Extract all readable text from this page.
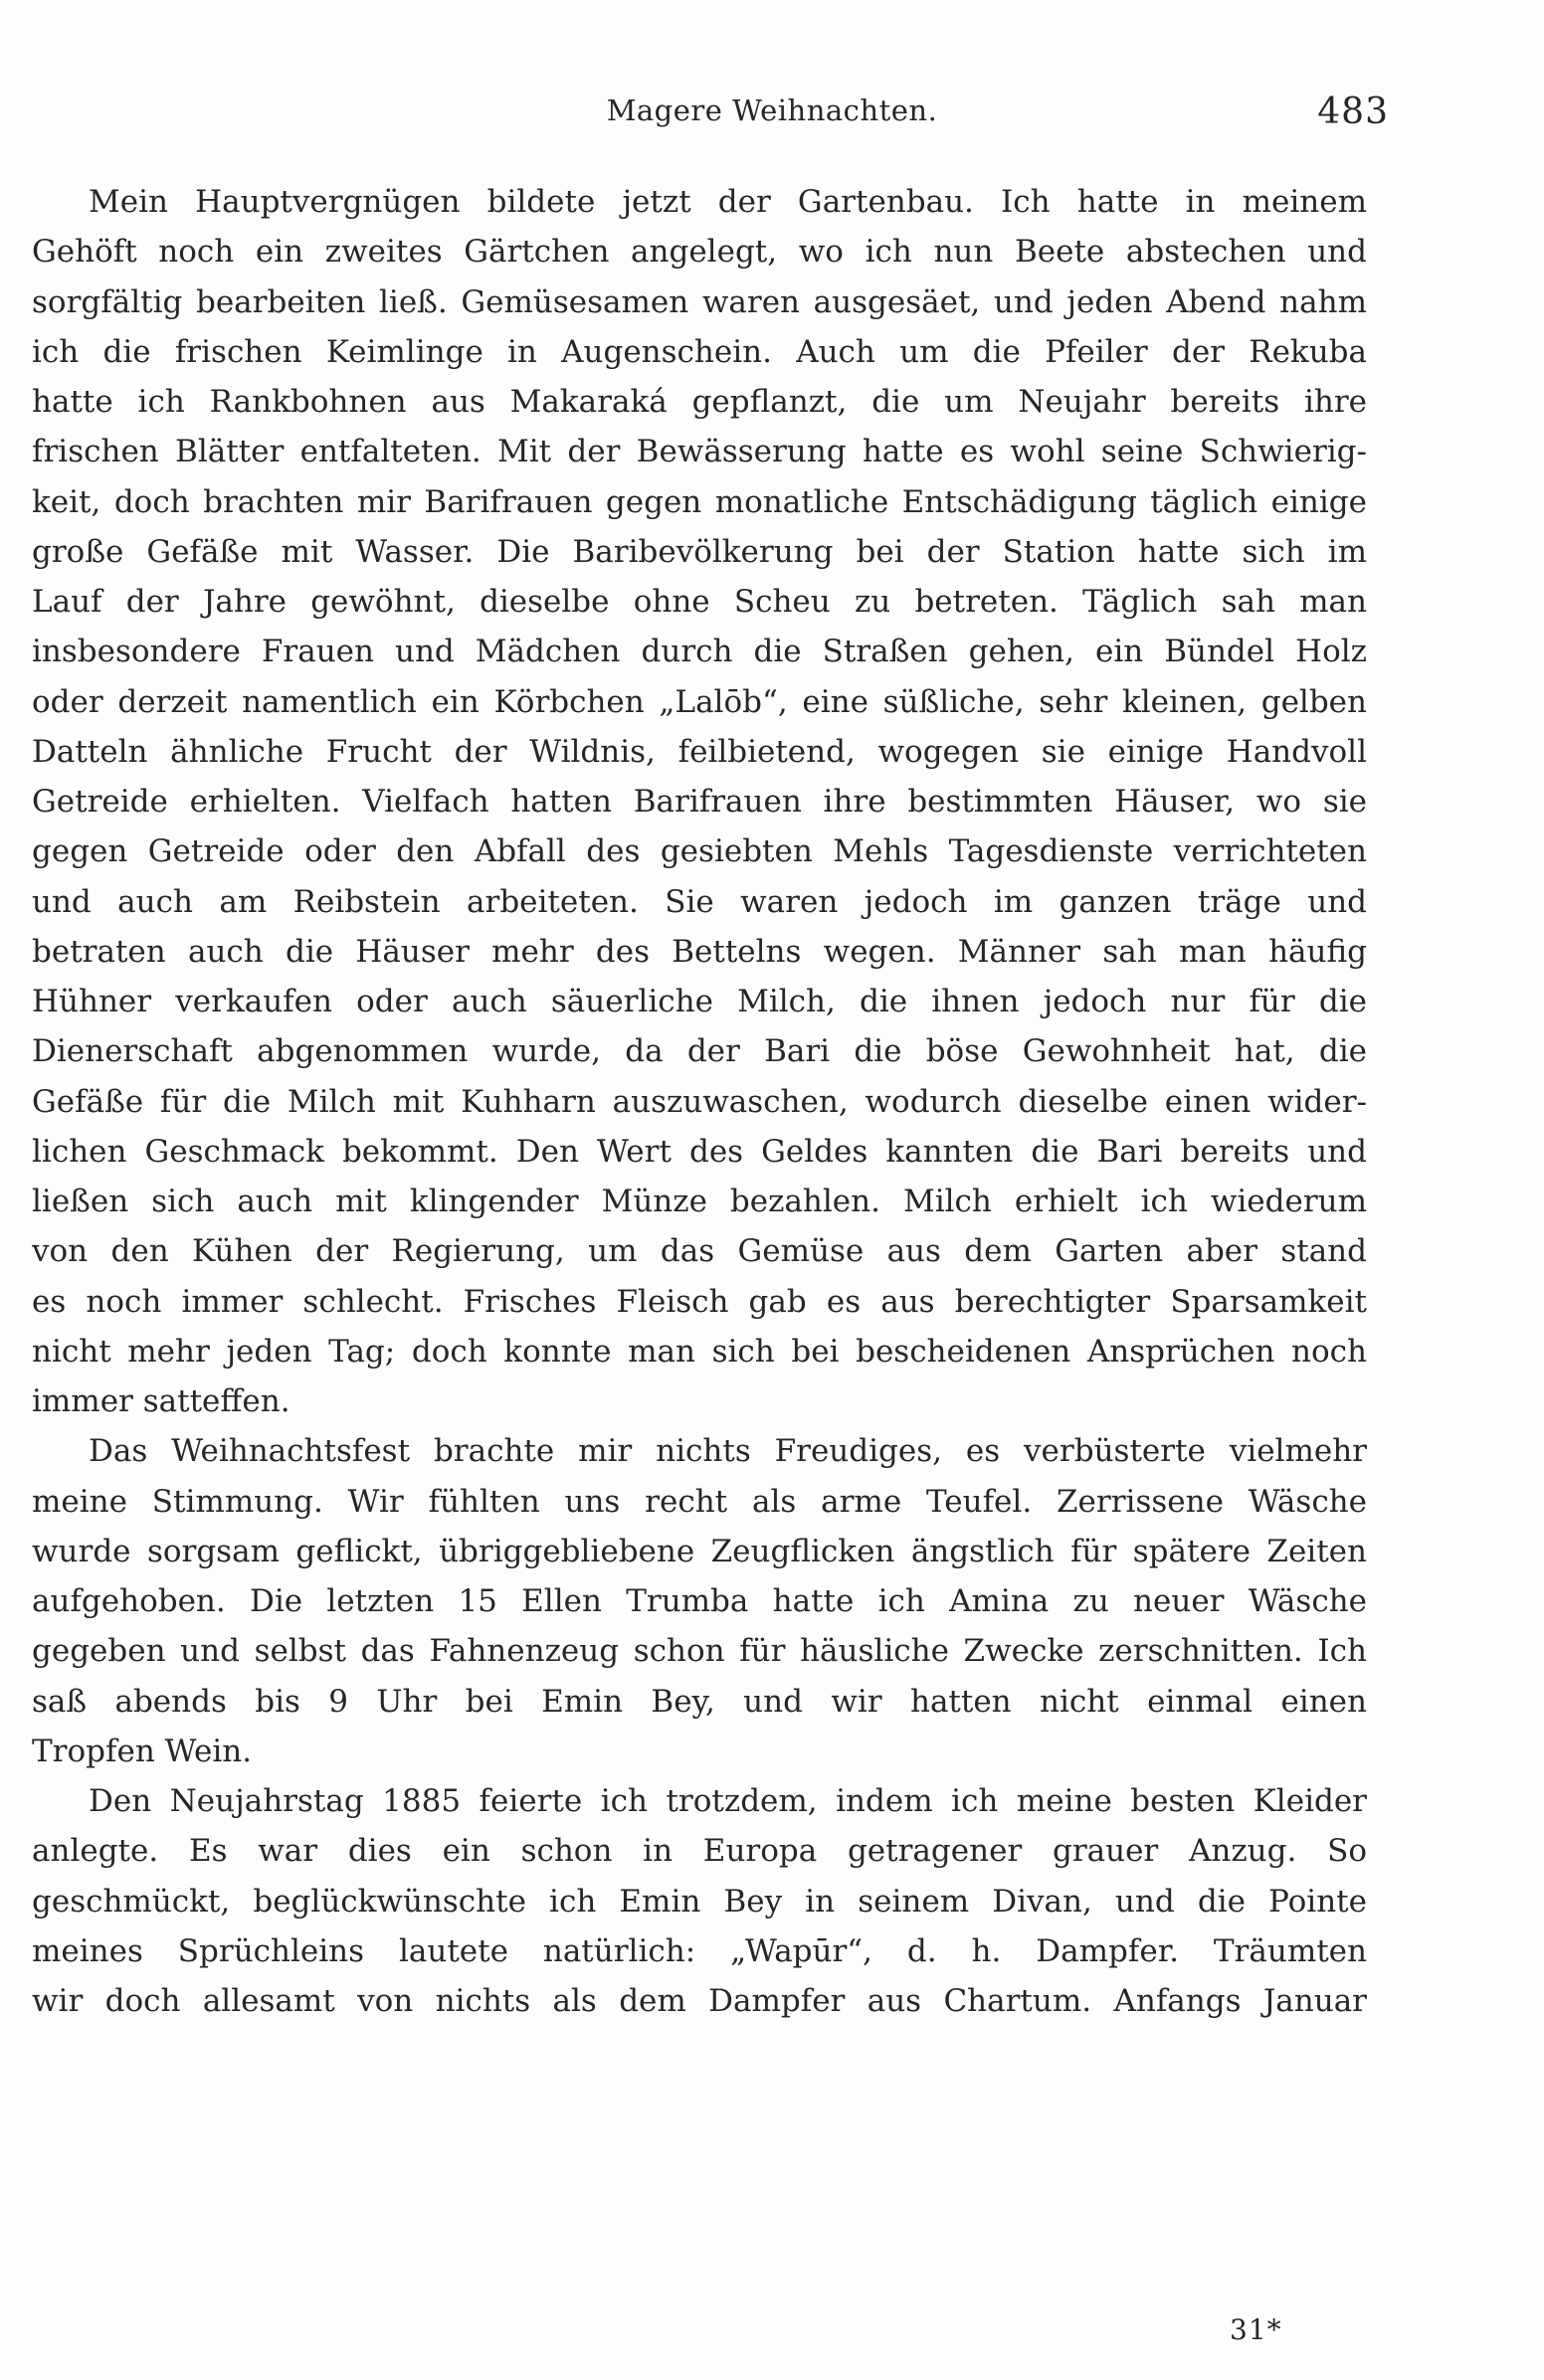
Magere Weihnachten.	483
Mein Hauptvergnügen bildete jetzt der Gartenbau. Ich hatte in meinem
Gehöft noch ein zweites Gärtchen angelegt, wo ich nun Beete abstechen und
sorgfältig bearbeiten ließ. Gemüsesamen waren ausgesäet, und jeden Abend nahm
ich die frischen Keimlinge in Augenschein. Auch um die Pfeiler der Rekuba
hatte ich Rankbohnen aus Makaraká gepflanzt, die um Neujahr bereits ihre
frischen Blätter entfalteten. Mit der Bewässerung hatte es wohl seine Schwierig-
keit, doch brachten mir Barifrauen gegen monatliche Entschädigung täglich einige
große Gefäße mit Wasser. Die Baribevölkerung bei der Station hatte sich im
Lauf der Jahre gewöhnt, dieselbe ohne Scheu zu betreten. Täglich sah man
insbesondere Frauen und Mädchen durch die Straßen gehen, ein Bündel Holz
oder derzeit namentlich ein Körbchen „Lalōb“, eine süßliche, sehr kleinen, gelben
Datteln ähnliche Frucht der Wildnis, feilbietend, wogegen sie einige Handvoll
Getreide erhielten. Vielfach hatten Barifrauen ihre bestimmten Häuser, wo sie
gegen Getreide oder den Abfall des gesiebten Mehls Tagesdienste verrichteten
und auch am Reibstein arbeiteten. Sie waren jedoch im ganzen träge und
betraten auch die Häuser mehr des Bettelns wegen. Männer sah man häufig
Hühner verkaufen oder auch säuerliche Milch, die ihnen jedoch nur für die
Dienerschaft abgenommen wurde, da der Bari die böse Gewohnheit hat, die
Gefäße für die Milch mit Kuhharn auszuwaschen, wodurch dieselbe einen wider-
lichen Geschmack bekommt. Den Wert des Geldes kannten die Bari bereits und
ließen sich auch mit klingender Münze bezahlen. Milch erhielt ich wiederum
von den Kühen der Regierung, um das Gemüse aus dem Garten aber stand
es noch immer schlecht. Frisches Fleisch gab es aus berechtigter Sparsamkeit
nicht mehr jeden Tag; doch konnte man sich bei bescheidenen Ansprüchen noch
immer satteffen.
Das Weihnachtsfest brachte mir nichts Freudiges, es verbüsterte vielmehr
meine Stimmung. Wir fühlten uns recht als arme Teufel. Zerrissene Wäsche
wurde sorgsam geflickt, übriggebliebene Zeugflicken ängstlich für spätere Zeiten
aufgehoben. Die letzten 15 Ellen Trumba hatte ich Amina zu neuer Wäsche
gegeben und selbst das Fahnenzeug schon für häusliche Zwecke zerschnitten. Ich
saß abends bis 9 Uhr bei Emin Bey, und wir hatten nicht einmal einen
Tropfen Wein.
Den Neujahrstag 1885 feierte ich trotzdem, indem ich meine besten Kleider
anlegte. Es war dies ein schon in Europa getragener grauer Anzug. So
geschmückt, beglückwünschte ich Emin Bey in seinem Divan, und die Pointe
meines Sprüchleins lautete natürlich: „Wapūr“, d. h. Dampfer. Träumten
wir doch allesamt von nichts als dem Dampfer aus Chartum. Anfangs Januar
31*
